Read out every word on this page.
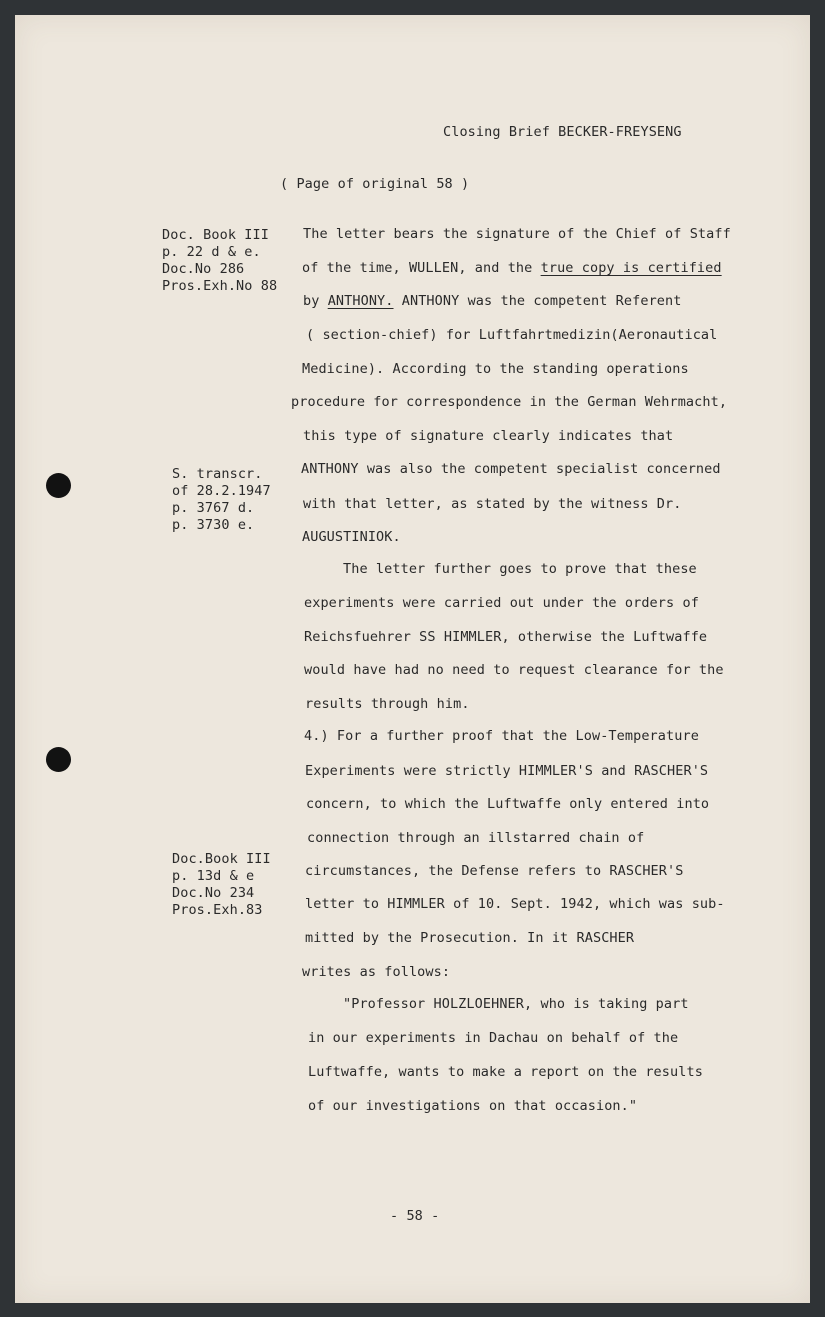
Closing Brief BECKER-FREYSENG
( Page of original 58 )
Doc. Book III
p. 22 d & e.
Doc.No 286
Pros.Exh.No 88
S. transcr.
of 28.2.1947
p. 3767 d.
p. 3730 e.
Doc.Book III
p. 13d & e
Doc.No 234
Pros.Exh.83
The letter bears the signature of the Chief of Staff
of the time, WULLEN, and the true copy is certified
by ANTHONY. ANTHONY was the competent Referent
( section-chief) for Luftfahrtmedizin(Aeronautical
Medicine). According to the standing operations
procedure for correspondence in the German Wehrmacht,
this type of signature clearly indicates that
ANTHONY was also the competent specialist concerned
with that letter, as stated by the witness Dr.
AUGUSTINIOK.
The letter further goes to prove that these
experiments were carried out under the orders of
Reichsfuehrer SS HIMMLER, otherwise the Luftwaffe
would have had no need to request clearance for the
results through him.
4.) For a further proof that the Low-Temperature
Experiments were strictly HIMMLER'S and RASCHER'S
concern, to which the Luftwaffe only entered into
connection through an illstarred chain of
circumstances, the Defense refers to RASCHER'S
letter to HIMMLER of 10. Sept. 1942, which was sub-
mitted by the Prosecution. In it RASCHER
writes as follows:
"Professor HOLZLOEHNER, who is taking part
in our experiments in Dachau on behalf of the
Luftwaffe, wants to make a report on the results
of our investigations on that occasion."
- 58 -
